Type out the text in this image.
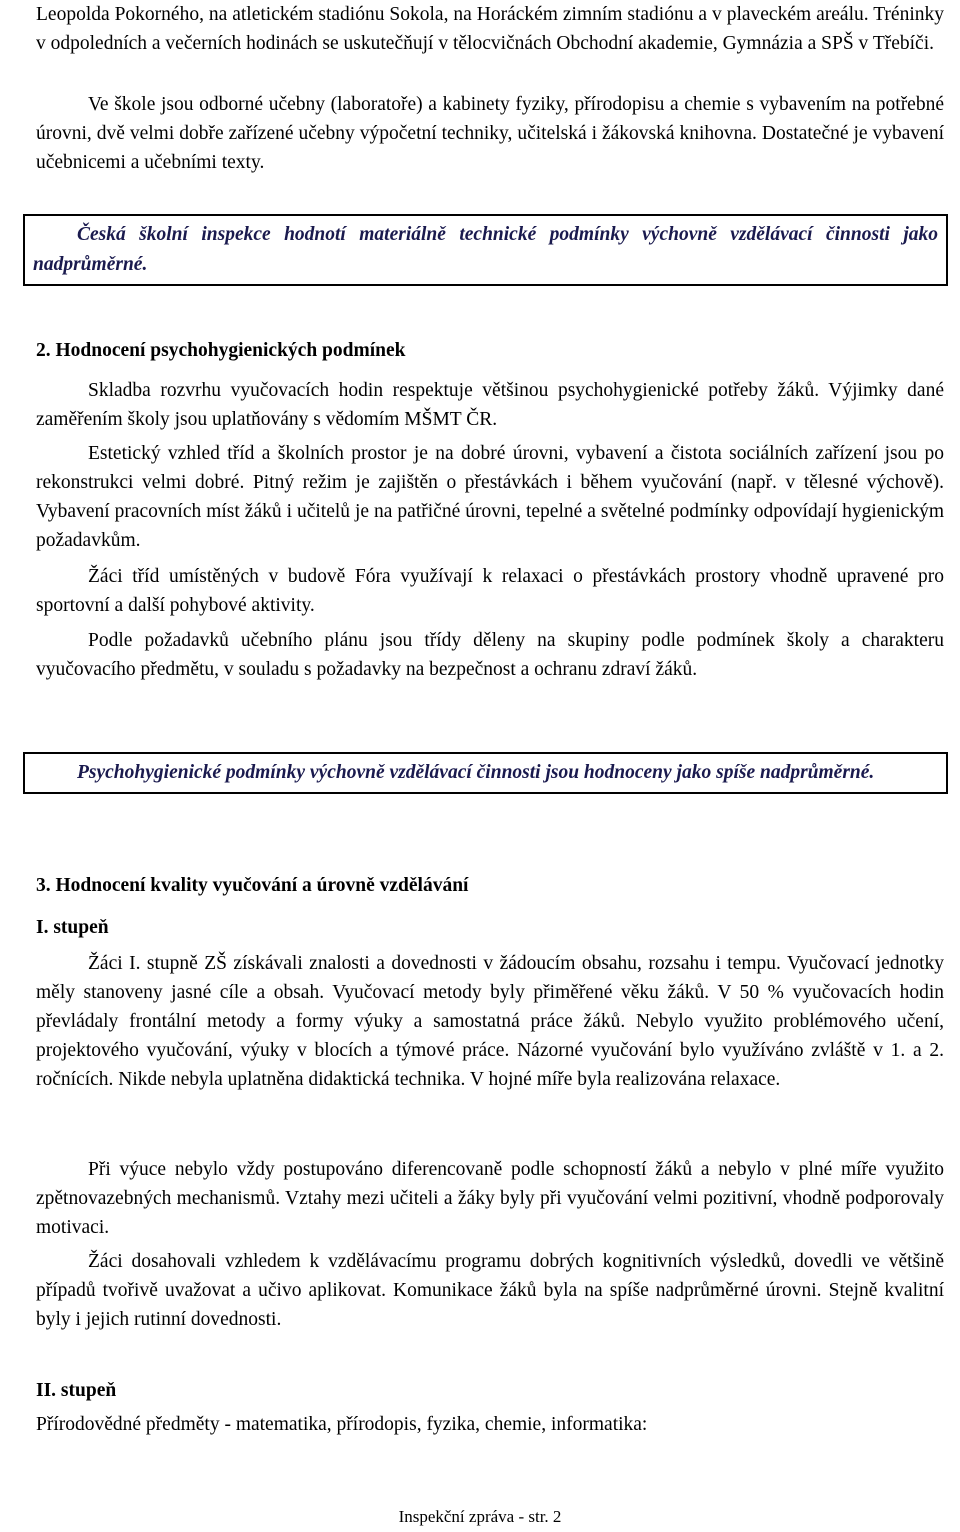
Leopolda Pokorného, na atletickém stadiónu Sokola, na Horáckém zimním stadiónu a v plaveckém areálu. Tréninky v odpoledních a večerních hodinách se uskutečňují v tělocvičnách Obchodní akademie, Gymnázia a SPŠ v Třebíči.

Ve škole jsou odborné učebny (laboratoře) a kabinety fyziky, přírodopisu a chemie s vybavením na potřebné úrovni, dvě velmi dobře zařízené učebny výpočetní techniky, učitelská i žákovská knihovna. Dostatečné je vybavení učebnicemi a učebními texty.

Česká školní inspekce hodnotí materiálně technické podmínky výchovně vzdělávací činnosti jako nadprůměrné.

2. Hodnocení psychohygienických podmínek

Skladba rozvrhu vyučovacích hodin respektuje většinou psychohygienické potřeby žáků. Výjimky dané zaměřením školy jsou uplatňovány s vědomím MŠMT ČR.

Estetický vzhled tříd a školních prostor je na dobré úrovni, vybavení a čistota sociálních zařízení jsou po rekonstrukci velmi dobré. Pitný režim je zajištěn o přestávkách i během vyučování (např. v tělesné výchově). Vybavení pracovních míst žáků i učitelů je na patřičné úrovni, tepelné a světelné podmínky odpovídají hygienickým požadavkům.

Žáci tříd umístěných v budově Fóra využívají k relaxaci o přestávkách prostory vhodně upravené pro sportovní a další pohybové aktivity.

Podle požadavků učebního plánu jsou třídy děleny na skupiny podle podmínek školy a charakteru vyučovacího předmětu, v souladu s požadavky na bezpečnost a ochranu zdraví žáků.

Psychohygienické podmínky výchovně vzdělávací činnosti jsou hodnoceny jako spíše nadprůměrné.

3. Hodnocení kvality vyučování a úrovně vzdělávání

I. stupeň

Žáci I. stupně ZŠ získávali znalosti a dovednosti v žádoucím obsahu, rozsahu i tempu. Vyučovací jednotky měly stanoveny jasné cíle a obsah. Vyučovací metody byly přiměřené věku žáků. V 50 % vyučovacích hodin převládaly frontální metody a formy výuky a samostatná práce žáků. Nebylo využito problémového učení, projektového vyučování, výuky v blocích a týmové práce. Názorné vyučování bylo využíváno zvláště v 1. a 2. ročnících. Nikde nebyla uplatněna didaktická technika. V hojné míře byla realizována relaxace.

Při výuce nebylo vždy postupováno diferencovaně podle schopností žáků a nebylo v plné míře využito zpětnovazebných mechanismů. Vztahy mezi učiteli a žáky byly při vyučování velmi pozitivní, vhodně podporovaly motivaci.

Žáci dosahovali vzhledem k vzdělávacímu programu dobrých kognitivních výsledků, dovedli ve většině případů tvořivě uvažovat a učivo aplikovat. Komunikace žáků byla na spíše nadprůměrné úrovni. Stejně kvalitní byly i jejich rutinní dovednosti.

II. stupeň

Přírodovědné předměty - matematika, přírodopis, fyzika, chemie, informatika:

Inspekční zpráva - str. 2
